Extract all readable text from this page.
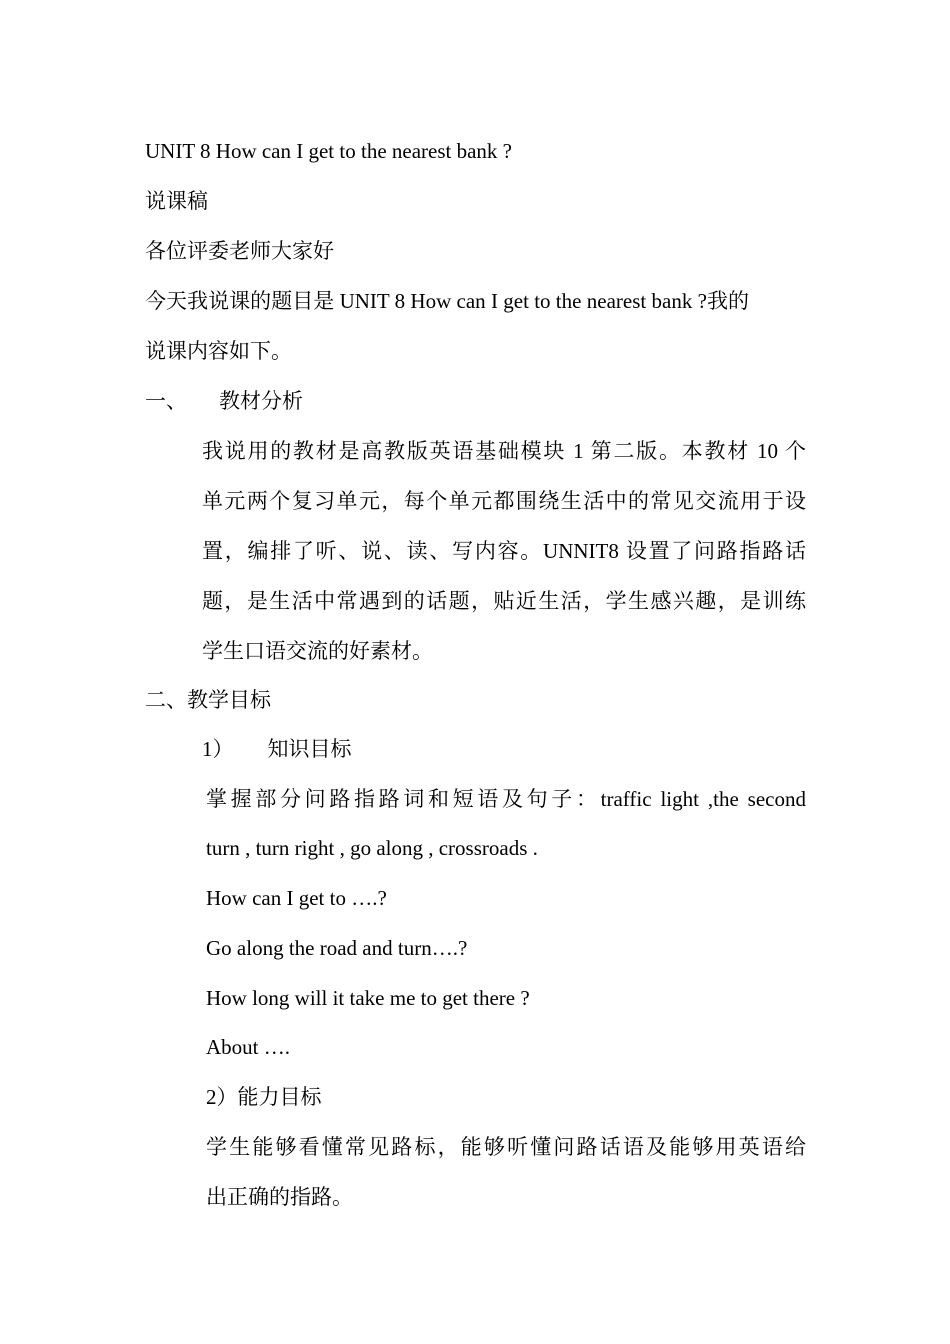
UNIT 8 How can I get to the nearest bank ?
说课稿
各位评委老师大家好
今天我说课的题目是 UNIT 8 How can I get to the nearest bank ?我的
说课内容如下。
一、 教材分析
我说用的教材是高教版英语基础模块 1 第二版。本教材 10 个
单元两个复习单元，每个单元都围绕生活中的常见交流用于设
置，编排了听、说、读、写内容。UNNIT8 设置了问路指路话
题，是生活中常遇到的话题，贴近生活，学生感兴趣，是训练
学生口语交流的好素材。
二、教学目标
1） 知识目标
掌握部分问路指路词和短语及句子：traffic light ,the second
turn , turn right , go along , crossroads .
How can I get to ….?
Go along the road and turn….?
How long will it take me to get there ?
About ….
2）能力目标
学生能够看懂常见路标，能够听懂问路话语及能够用英语给
出正确的指路。
